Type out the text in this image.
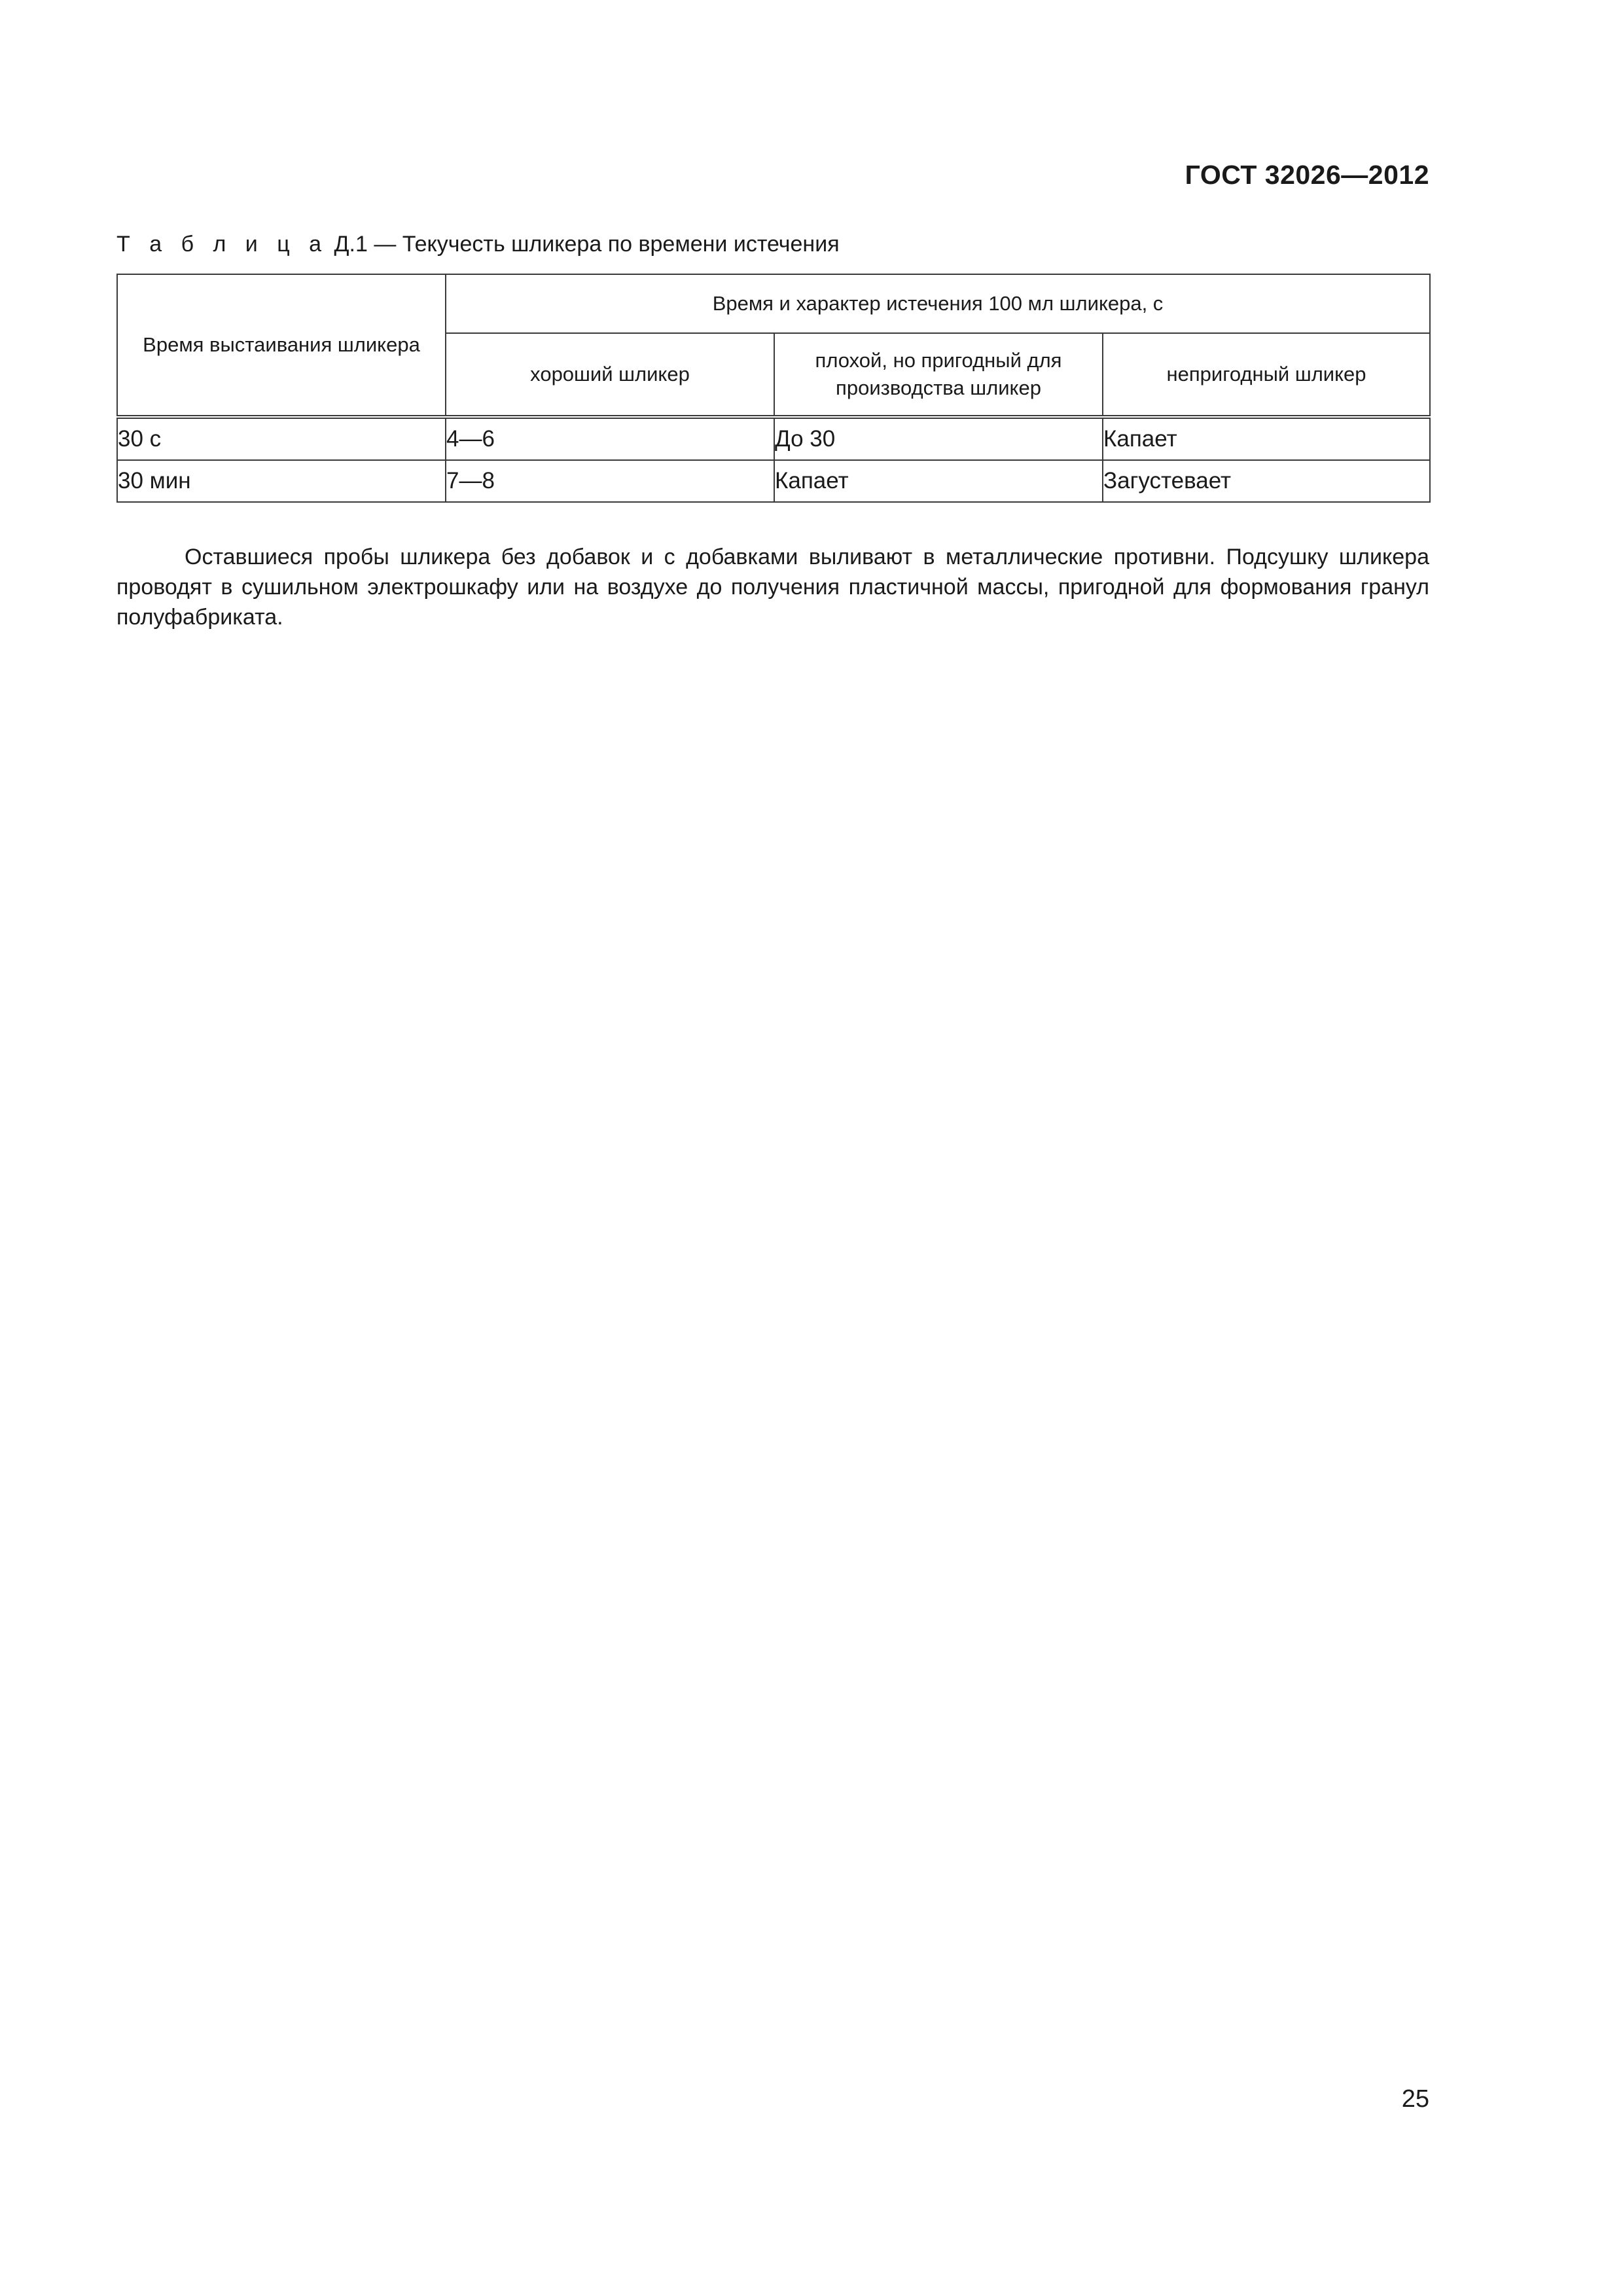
ГОСТ 32026—2012
Т а б л и ц а Д.1 — Текучесть шликера по времени истечения
Время выстаивания шликера	Время и характер истечения 100 мл шликера, с		
	хороший шликер	плохой, но пригодный для производства шликер	непригодный шликер
30 с	4—6	До 30	Капает
30 мин	7—8	Капает	Загустевает

Оставшиеся пробы шликера без добавок и с добавками выливают в металлические противни. Подсушку шликера проводят в сушильном электрошкафу или на воздухе до получения пластичной массы, пригодной для формования гранул полуфабриката.

25
